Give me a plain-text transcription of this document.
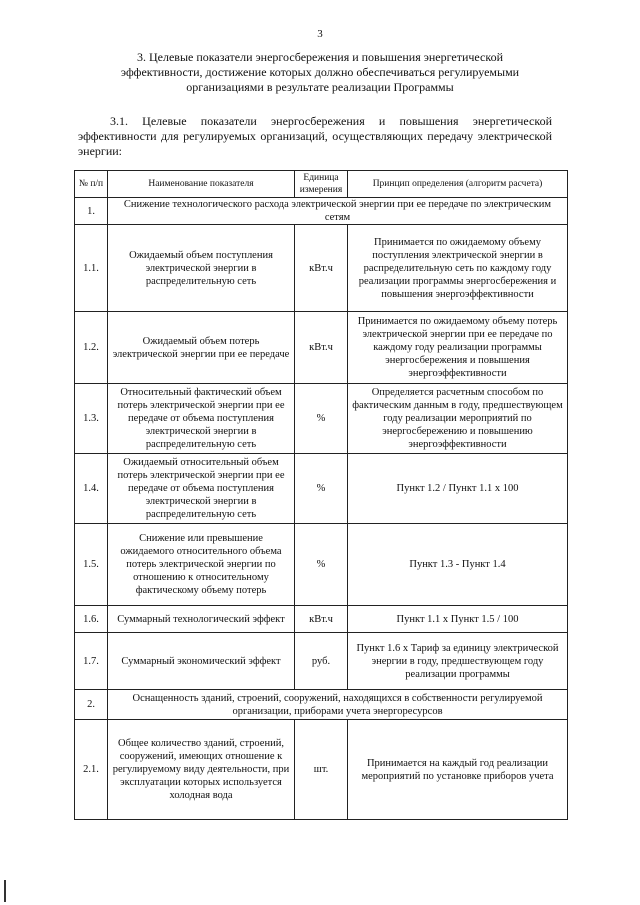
3
3. Целевые показатели энергосбережения и повышения энергетической эффективности, достижение которых должно обеспечиваться регулируемыми организациями в результате реализации Программы
3.1. Целевые показатели энергосбережения и повышения энергетической эффективности для регулируемых организаций, осуществляющих передачу электрической энергии:
№ п/п	Наименование показателя	Единица измерения	Принцип определения (алгоритм расчета)
1.	Снижение технологического расхода электрической энергии при ее передаче по электрическим сетям		
1.1.	Ожидаемый объем поступления электрической энергии в распределительную сеть	кВт.ч	Принимается по ожидаемому объему поступления электрической энергии в распределительную сеть по каждому году реализации программы энергосбережения и повышения энергоэффективности
1.2.	Ожидаемый объем потерь электрической энергии при ее передаче	кВт.ч	Принимается по ожидаемому объему потерь электрической энергии при ее передаче по каждому году реализации программы энергосбережения и повышения энергоэффективности
1.3.	Относительный фактический объем потерь электрической энергии при ее передаче от объема поступления электрической энергии в распределительную сеть	%	Определяется расчетным способом по фактическим данным в году, предшествующем году реализации мероприятий по энергосбережению и повышению энергоэффективности
1.4.	Ожидаемый относительный объем потерь электрической энергии при ее передаче от объема поступления электрической энергии в распределительную сеть	%	Пункт 1.2 / Пункт 1.1 х 100
1.5.	Снижение или превышение ожидаемого относительного объема потерь электрической энергии по отношению к относительному фактическому объему потерь	%	Пункт 1.3 - Пункт 1.4
1.6.	Суммарный технологический эффект	кВт.ч	Пункт 1.1 х Пункт 1.5 / 100
1.7.	Суммарный экономический эффект	руб.	Пункт 1.6 х Тариф за единицу электрической энергии в году, предшествующем году реализации программы
2.	Оснащенность зданий, строений, сооружений, находящихся в собственности регулируемой организации, приборами учета энергоресурсов		
2.1.	Общее количество зданий, строений, сооружений, имеющих отношение к регулируемому виду деятельности, при эксплуатации которых используется холодная вода	шт.	Принимается на каждый год реализации мероприятий по установке приборов учета
